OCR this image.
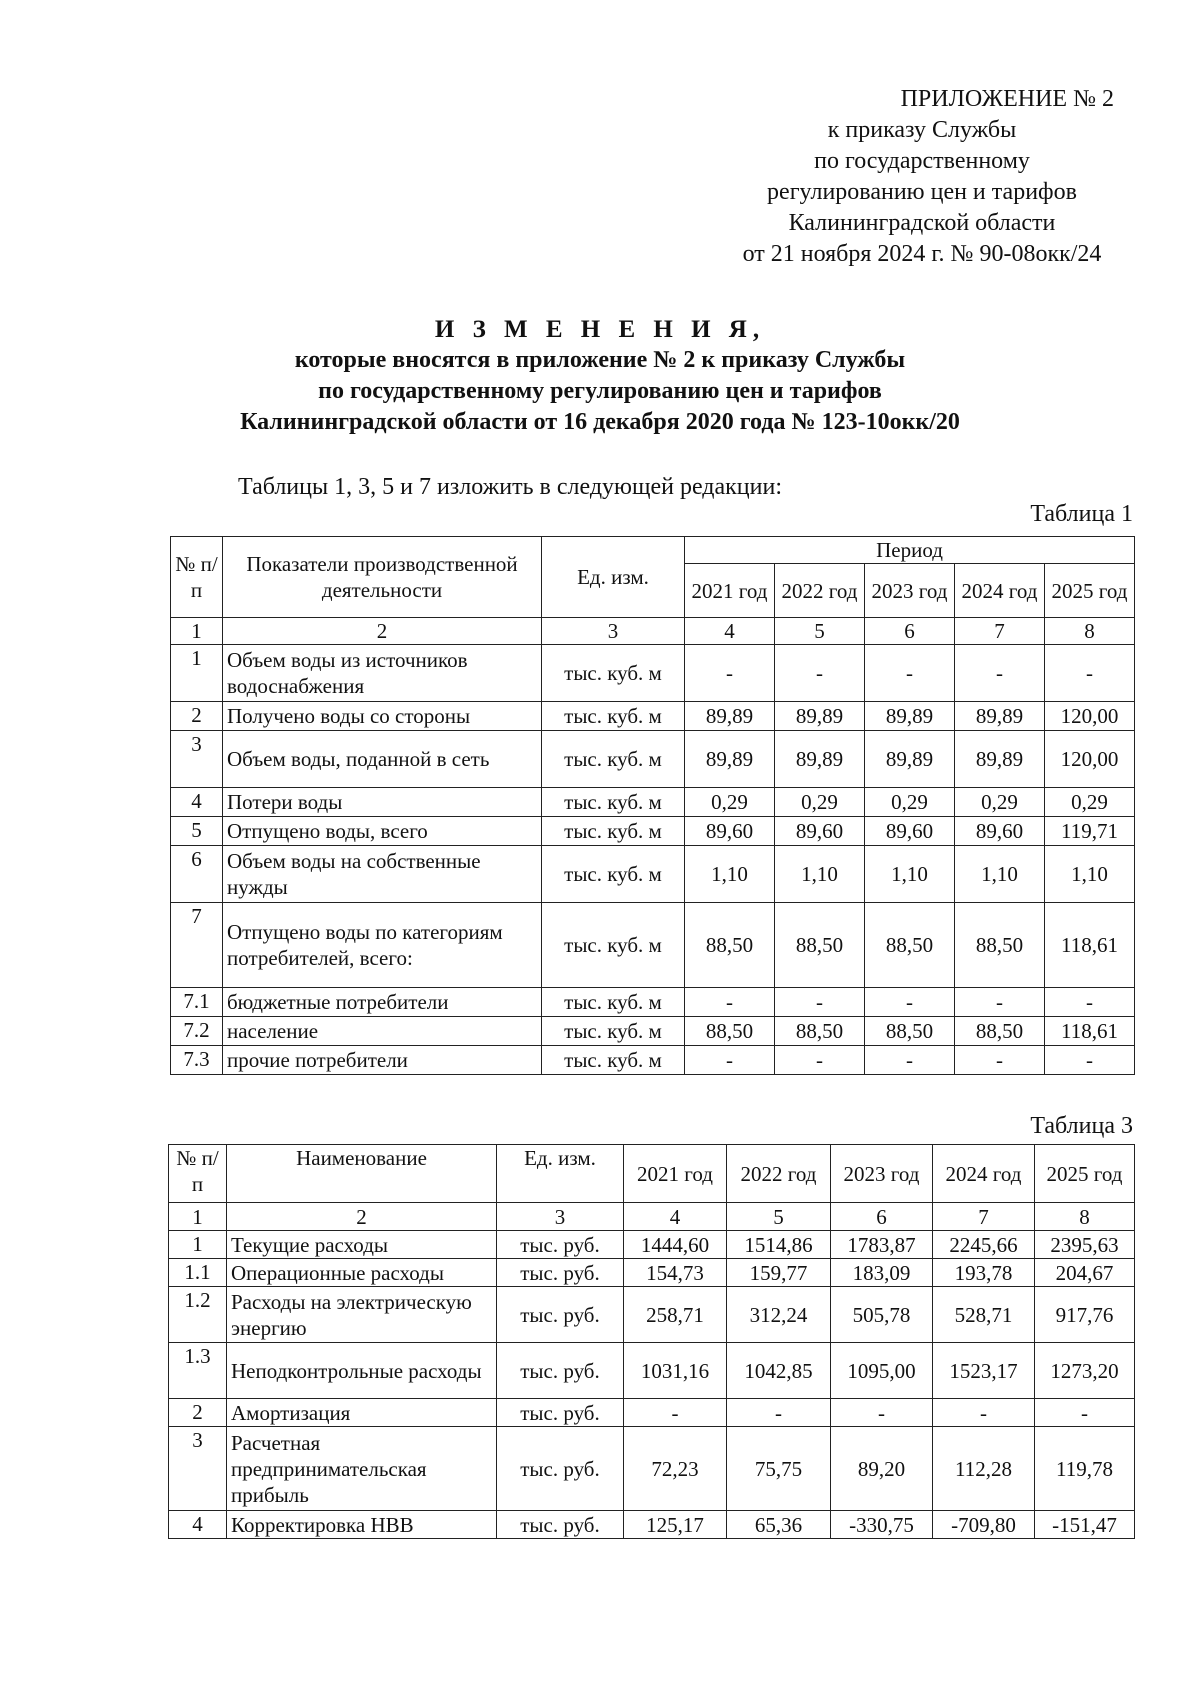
ПРИЛОЖЕНИЕ № 2
к приказу Службы
по государственному
регулированию цен и тарифов
Калининградской области
от 21 ноября 2024 г. № 90-08окк/24
И З М Е Н Е Н И Я,
которые вносятся в приложение № 2 к приказу Службы
по государственному регулированию цен и тарифов
Калининградской области от 16 декабря 2020 года № 123-10окк/20
Таблицы 1, 3, 5 и 7 изложить в следующей редакции:
Таблица 1
№ п/п	Показатели производственной деятельности	Ед. изм.	Период				
			2021 год	2022 год	2023 год	2024 год	2025 год

1	2	3	4	5	6	7	8
1	Объем воды из источников водоснабжения	тыс. куб. м	-	-	-	-	-
2	Получено воды со стороны	тыс. куб. м	89,89	89,89	89,89	89,89	120,00
3	Объем воды, поданной в сеть	тыс. куб. м	89,89	89,89	89,89	89,89	120,00
4	Потери воды	тыс. куб. м	0,29	0,29	0,29	0,29	0,29
5	Отпущено воды, всего	тыс. куб. м	89,60	89,60	89,60	89,60	119,71
6	Объем воды на собственные нужды	тыс. куб. м	1,10	1,10	1,10	1,10	1,10
7	Отпущено воды по категориям потребителей, всего:	тыс. куб. м	88,50	88,50	88,50	88,50	118,61
7.1	бюджетные потребители	тыс. куб. м	-	-	-	-	-
7.2	население	тыс. куб. м	88,50	88,50	88,50	88,50	118,61
7.3	прочие потребители	тыс. куб. м	-	-	-	-	-
Таблица 3
№ п/п	Наименование	Ед. изм.	2021 год	2022 год	2023 год	2024 год	2025 год
1	2	3	4	5	6	7	8
1	Текущие расходы	тыс. руб.	1444,60	1514,86	1783,87	2245,66	2395,63
1.1	Операционные расходы	тыс. руб.	154,73	159,77	183,09	193,78	204,67
1.2	Расходы на электрическую энергию	тыс. руб.	258,71	312,24	505,78	528,71	917,76
1.3	Неподконтрольные расходы	тыс. руб.	1031,16	1042,85	1095,00	1523,17	1273,20
2	Амортизация	тыс. руб.	-	-	-	-	-
3	Расчетная предпринимательская прибыль	тыс. руб.	72,23	75,75	89,20	112,28	119,78
4	Корректировка НВВ	тыс. руб.	125,17	65,36	-330,75	-709,80	-151,47
